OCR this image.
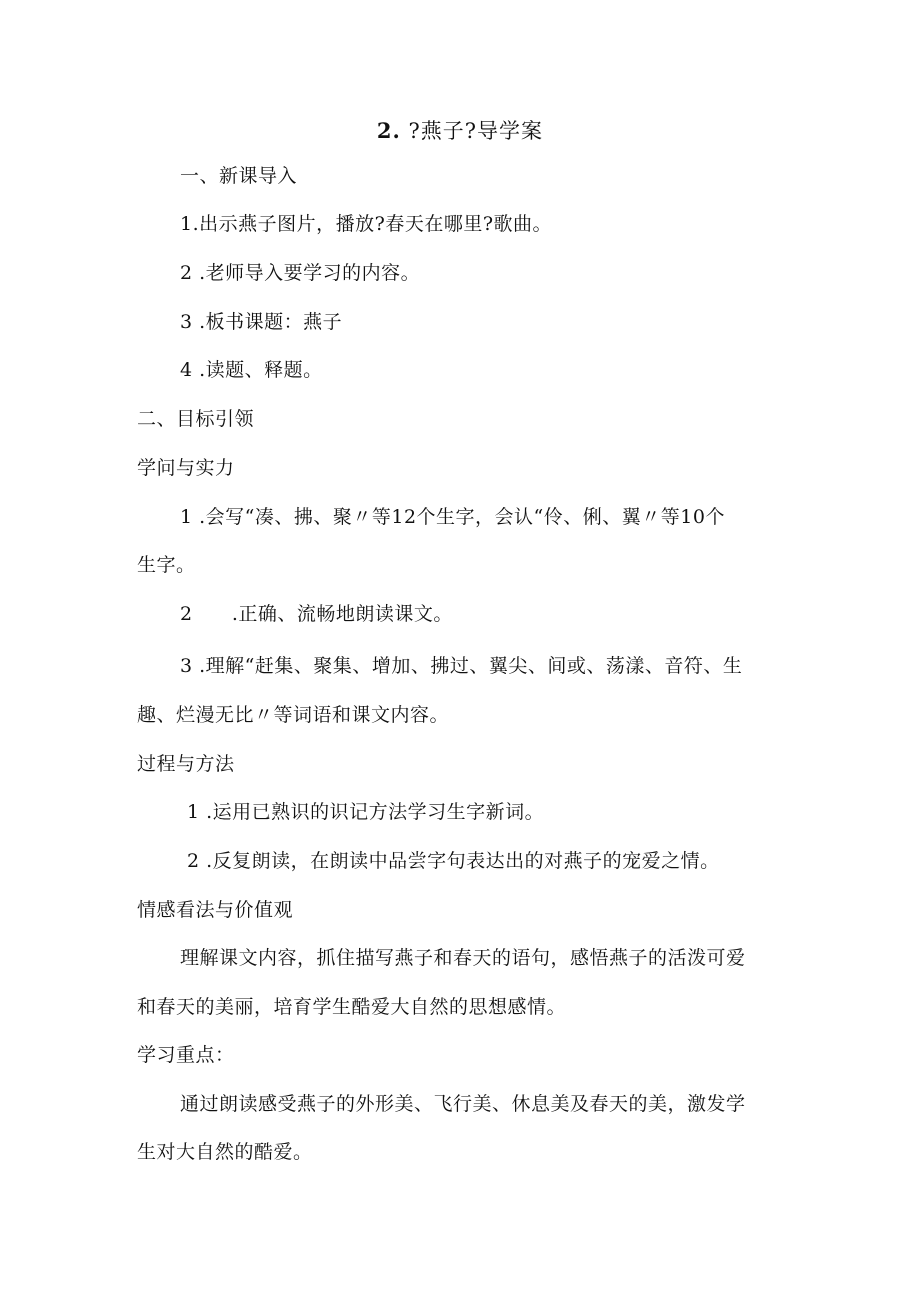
2. ?燕子?导学案
一、新课导入
1.出示燕子图片，播放?春天在哪里?歌曲。
2 .老师导入要学习的内容。
3 .板书课题：燕子
4 .读题、释题。
二、目标引领
学问与实力
1 .会写“凑、拂、聚〃等12个生字，会认“伶、俐、翼〃等10个
生字。
2      .正确、流畅地朗读课文。
3 .理解“赶集、聚集、增加、拂过、翼尖、间或、荡漾、音符、生
趣、烂漫无比〃等词语和课文内容。
过程与方法
1 .运用已熟识的识记方法学习生字新词。
2 .反复朗读，在朗读中品尝字句表达出的对燕子的宠爱之情。
情感看法与价值观
理解课文内容，抓住描写燕子和春天的语句，感悟燕子的活泼可爱
和春天的美丽，培育学生酷爱大自然的思想感情。
学习重点：
通过朗读感受燕子的外形美、飞行美、休息美及春天的美，激发学
生对大自然的酷爱。
